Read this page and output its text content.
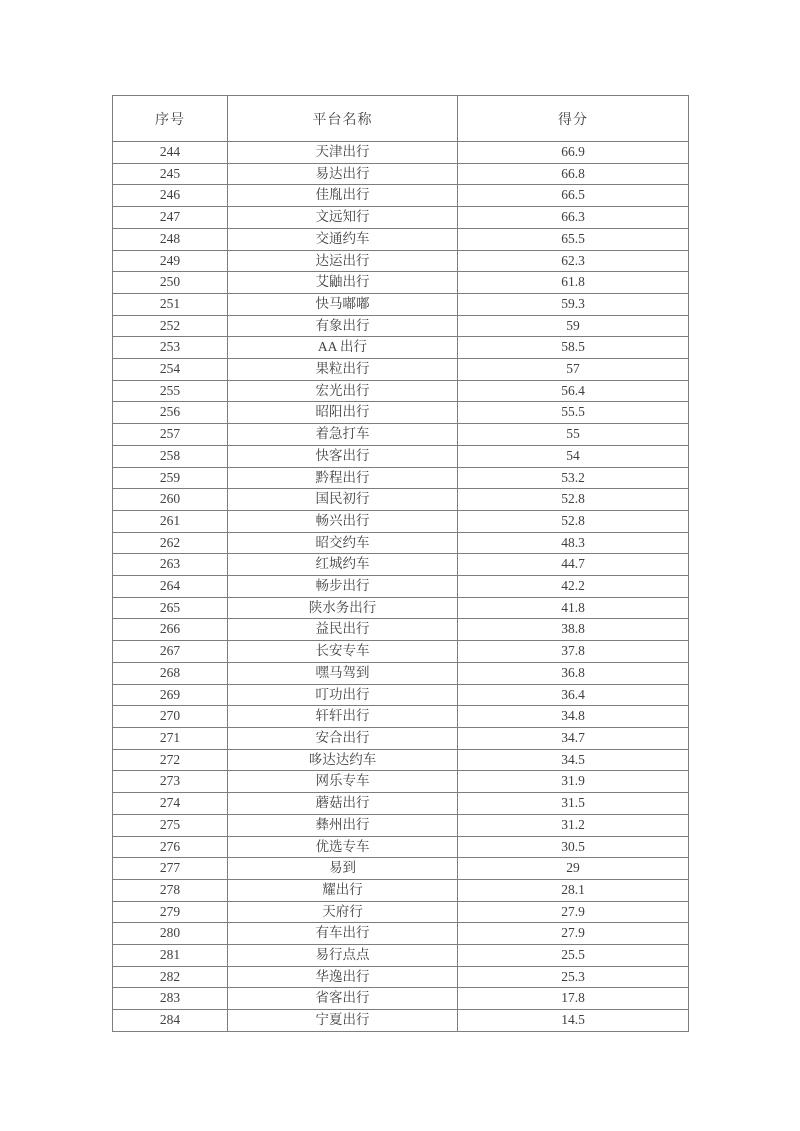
序号	平台名称	得分
244	天津出行	66.9
245	易达出行	66.8
246	佳胤出行	66.5
247	文远知行	66.3
248	交通约车	65.5
249	达运出行	62.3
250	艾鼬出行	61.8
251	快马嘟嘟	59.3
252	有象出行	59
253	AA 出行	58.5
254	果粒出行	57
255	宏光出行	56.4
256	昭阳出行	55.5
257	着急打车	55
258	快客出行	54
259	黔程出行	53.2
260	国民初行	52.8
261	畅兴出行	52.8
262	昭交约车	48.3
263	红城约车	44.7
264	畅步出行	42.2
265	陕水务出行	41.8
266	益民出行	38.8
267	长安专车	37.8
268	嘿马驾到	36.8
269	叮功出行	36.4
270	轩轩出行	34.8
271	安合出行	34.7
272	哆达达约车	34.5
273	网乐专车	31.9
274	蘑菇出行	31.5
275	彝州出行	31.2
276	优选专车	30.5
277	易到	29
278	耀出行	28.1
279	天府行	27.9
280	有车出行	27.9
281	易行点点	25.5
282	华逸出行	25.3
283	省客出行	17.8
284	宁夏出行	14.5
